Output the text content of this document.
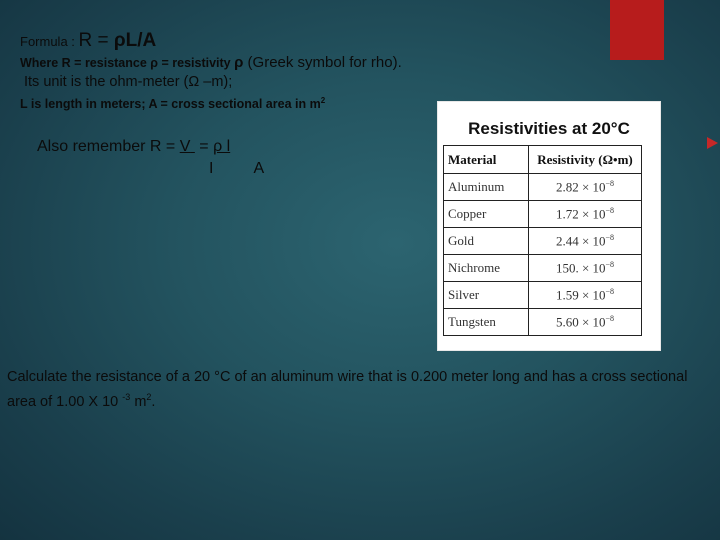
Formula : R = ρL/A
Where R = resistance ρ = resistivity ρ (Greek symbol for rho).
Its unit is the ohm-meter (Ω –m);
L is length in meters; A = cross sectional area in $m^2$
Also remember R = V  = ρ l
I	A
Resistivities at 20°C
Material	Resistivity (Ω•m)
Aluminum	$2.82 \times 10^{-8}$
Copper	$1.72 \times 10^{-8}$
Gold	$2.44 \times 10^{-8}$
Nichrome	150. × $10^{-8}$
Silver	$1.59 \times 10^{-8}$
Tungsten	$5.60 \times 10^{-8}$
Calculate the resistance of a 20 °C of an aluminum wire that is 0.200 meter long and has a cross sectional area of 1.00 X 10 $^{-3}$ $m^2$.
